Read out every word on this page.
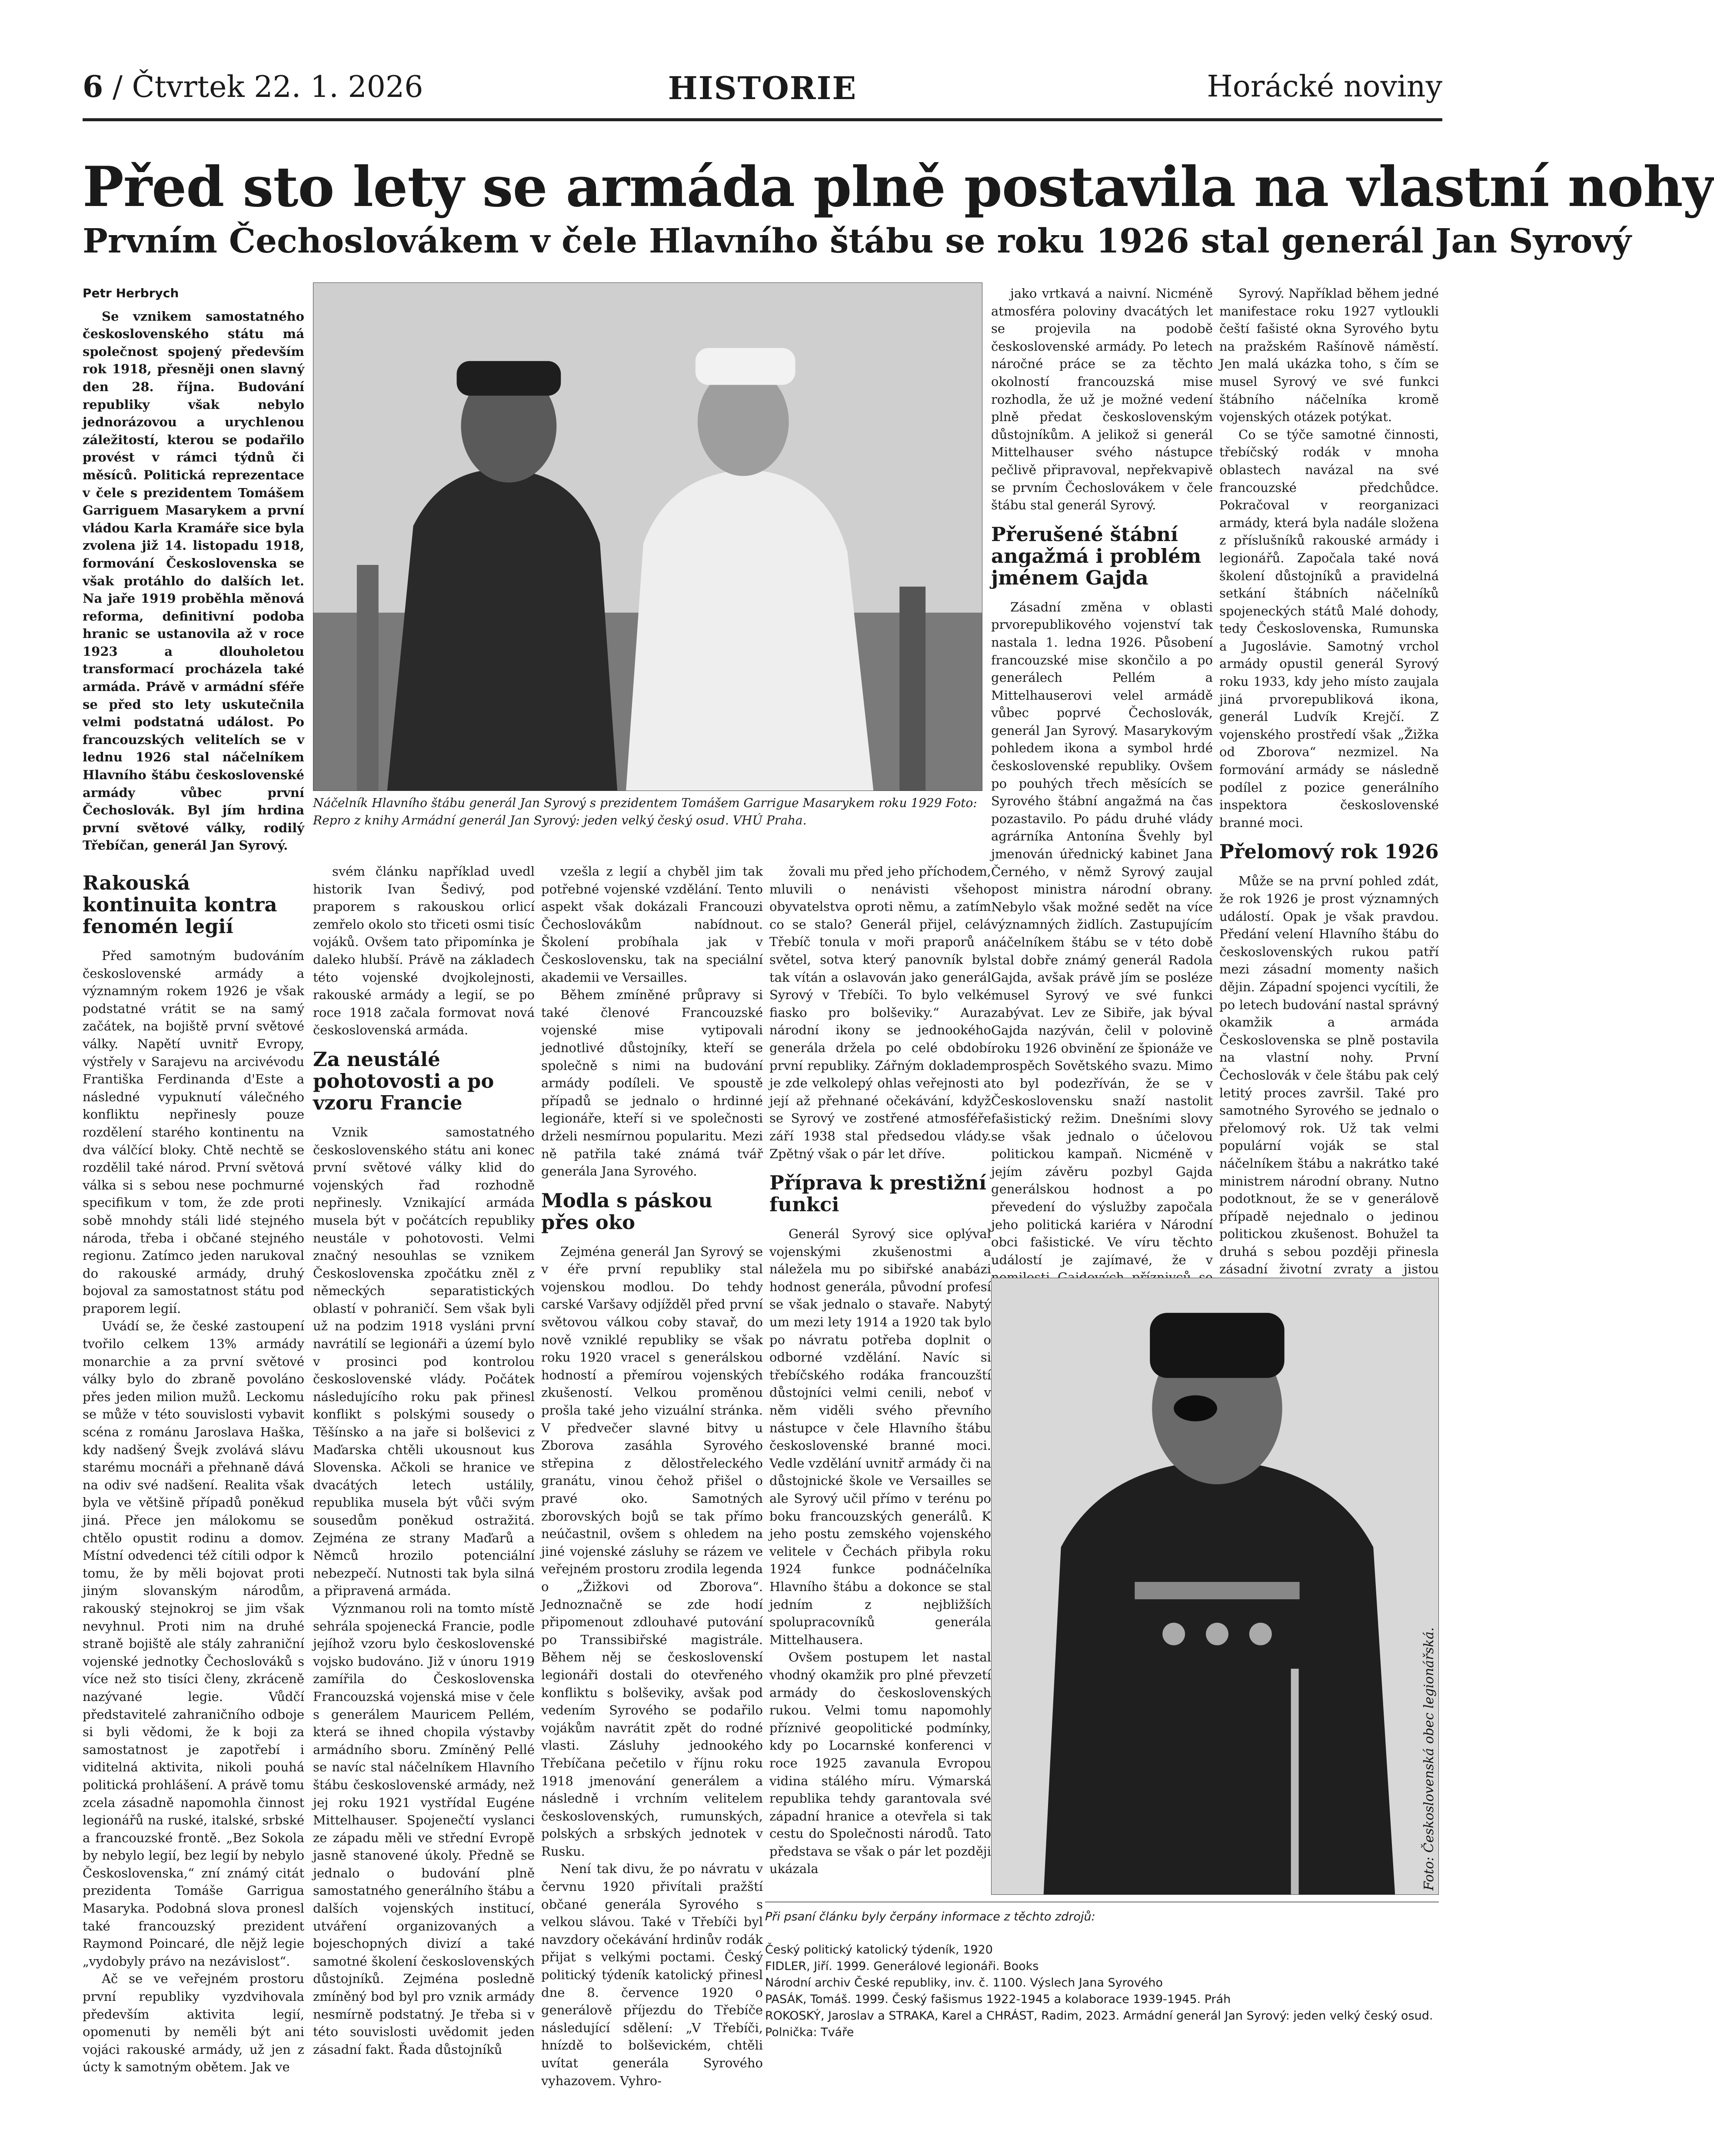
6 / Čtvrtek 22. 1. 2026	HISTORIE	Horácké noviny
Před sto lety se armáda plně postavila na vlastní nohy
Prvním Čechoslovákem v čele Hlavního štábu se roku 1926 stal generál Jan Syrový
Petr Herbrych

Se vznikem samostatného československého státu má společnost spojený především rok 1918, přesněji onen slavný den 28. října. Budování republiky však nebylo jednorázovou a urychlenou záležitostí, kterou se podařilo provést v rámci týdnů či měsíců. Politická reprezentace v čele s prezidentem Tomášem Garriguem Masarykem a první vládou Karla Kramáře sice byla zvolena již 14. listopadu 1918, formování Československa se však protáhlo do dalších let. Na jaře 1919 proběhla měnová reforma, definitivní podoba hranic se ustanovila až v roce 1923 a dlouholetou transformací procházela také armáda. Právě v armádní sféře se před sto lety uskutečnila velmi podstatná událost. Po francouzských velitelích se v lednu 1926 stal náčelníkem Hlavního štábu československé armády vůbec první Čechoslovák. Byl jím hrdina první světové války, rodilý Třebíčan, generál Jan Syrový.

Náčelník Hlavního štábu generál Jan Syrový s prezidentem Tomášem Garrigue Masarykem roku 1929 Foto: Repro z knihy Armádní generál Jan Syrový: jeden velký český osud. VHÚ Praha.
Rakouská kontinuita kontra fenomén legií

Před samotným budováním československé armády a významným rokem 1926 je však podstatné vrátit se na samý začátek, na bojiště první světové války. Napětí uvnitř Evropy, výstřely v Sarajevu na arcivévodu Františka Ferdinanda d'Este a následné vypuknutí válečného konfliktu nepřinesly pouze rozdělení starého kontinentu na dva válčící bloky. Chtě nechtě se rozdělil také národ. První světová válka si s sebou nese pochmurné specifikum v tom, že zde proti sobě mnohdy stáli lidé stejného národa, třeba i občané stejného regionu. Zatímco jeden narukoval do rakouské armády, druhý bojoval za samostatnost státu pod praporem legií.

Uvádí se, že české zastoupení tvořilo celkem 13% armády monarchie a za první světové války bylo do zbraně povoláno přes jeden milion mužů. Leckomu se může v této souvislosti vybavit scéna z románu Jaroslava Haška, kdy nadšený Švejk zvolává slávu starému mocnáři a přehnaně dává na odiv své nadšení. Realita však byla ve většině případů poněkud jiná. Přece jen málokomu se chtělo opustit rodinu a domov. Místní odvedenci též cítili odpor k tomu, že by měli bojovat proti jiným slovanským národům, rakouský stejnokroj se jim však nevyhnul. Proti nim na druhé straně bojiště ale stály zahraniční vojenské jednotky Čechoslováků s více než sto tisíci členy, zkráceně nazývané legie. Vůdčí představitelé zahraničního odboje si byli vědomi, že k boji za samostatnost je zapotřebí i viditelná aktivita, nikoli pouhá politická prohlášení. A právě tomu zcela zásadně napomohla činnost legionářů na ruské, italské, srbské a francouzské frontě. „Bez Sokola by nebylo legií, bez legií by nebylo Československa,“ zní známý citát prezidenta Tomáše Garrigua Masaryka. Podobná slova pronesl také francouzský prezident Raymond Poincaré, dle nějž legie „vydobyly právo na nezávislost“.

Ač se ve veřejném prostoru první republiky vyzdvihovala především aktivita legií, opomenuti by neměli být ani vojáci rakouské armády, už jen z úcty k samotným obětem. Jak ve

svém článku například uvedl historik Ivan Šedivý, pod praporem s rakouskou orlicí zemřelo okolo sto třiceti osmi tisíc vojáků. Ovšem tato připomínka je daleko hlubší. Právě na základech této vojenské dvojkolejnosti, rakouské armády a legií, se po roce 1918 začala formovat nová československá armáda.

Za neustálé pohotovosti a po vzoru Francie

Vznik samostatného československého státu ani konec první světové války klid do vojenských řad rozhodně nepřinesly. Vznikající armáda musela být v počátcích republiky neustále v pohotovosti. Velmi značný nesouhlas se vznikem Československa zpočátku zněl z německých separatistických oblastí v pohraničí. Sem však byli už na podzim 1918 vysláni první navrátilí se legionáři a území bylo v prosinci pod kontrolou československé vlády. Počátek následujícího roku pak přinesl konflikt s polskými sousedy o Těšínsko a na jaře si bolševici z Maďarska chtěli ukousnout kus Slovenska. Ačkoli se hranice ve dvacátých letech ustálily, republika musela být vůči svým sousedům poněkud ostražitá. Zejména ze strany Maďarů a Němců hrozilo potenciální nebezpečí. Nutnosti tak byla silná a připravená armáda.

Význmanou roli na tomto místě sehrála spojenecká Francie, podle jejíhož vzoru bylo československé vojsko budováno. Již v únoru 1919 zamířila do Československa Francouzská vojenská mise v čele s generálem Mauricem Pellém, která se ihned chopila výstavby armádního sboru. Zmíněný Pellé se navíc stal náčelníkem Hlavního štábu československé armády, než jej roku 1921 vystřídal Eugéne Mittelhauser. Spojenečtí vyslanci ze západu měli ve střední Evropě jasně stanovené úkoly. Předně se jednalo o budování plně samostatného generálního štábu a dalších vojenských institucí, utváření organizovaných a bojeschopných divizí a také samotné školení československých důstojníků. Zejména posledně zmíněný bod byl pro vznik armády nesmírně podstatný. Je třeba si v této souvislosti uvědomit jeden zásadní fakt. Řada důstojníků

vzešla z legií a chyběl jim tak potřebné vojenské vzdělání. Tento aspekt však dokázali Francouzi Čechoslovákům nabídnout. Školení probíhala jak v Československu, tak na speciální akademii ve Versailles.

Během zmíněné průpravy si také členové Francouzské vojenské mise vytipovali jednotlivé důstojníky, kteří se společně s nimi na budování armády podíleli. Ve spoustě případů se jednalo o hrdinné legionáře, kteří si ve společnosti drželi nesmírnou popularitu. Mezi ně patřila také známá tvář generála Jana Syrového.

Modla s páskou přes oko

Zejména generál Jan Syrový se v éře první republiky stal vojenskou modlou. Do tehdy carské Varšavy odjížděl před první světovou válkou coby stavař, do nově vzniklé republiky se však roku 1920 vracel s generálskou hodností a přemírou vojenských zkušeností. Velkou proměnou prošla také jeho vizuální stránka. V předvečer slavné bitvy u Zborova zasáhla Syrového střepina z dělostřeleckého granátu, vinou čehož přišel o pravé oko. Samotných zborovských bojů se tak přímo neúčastnil, ovšem s ohledem na jiné vojenské zásluhy se rázem ve veřejném prostoru zrodila legenda o „Žižkovi od Zborova“. Jednoznačně se zde hodí připomenout zdlouhavé putování po Transsibiřské magistrále. Během něj se československí legionáři dostali do otevřeného konfliktu s bolševiky, avšak pod vedením Syrového se podařilo vojákům navrátit zpět do rodné vlasti. Zásluhy jednookého Třebíčana pečetilo v říjnu roku 1918 jmenování generálem a následně i vrchním velitelem československých, rumunských, polských a srbských jednotek v Rusku.

Není tak divu, že po návratu v červnu 1920 přivítali pražští občané generála Syrového s velkou slávou. Také v Třebíči byl navzdory očekávání hrdinův rodák přijat s velkými poctami. Český politický týdeník katolický přinesl dne 8. července 1920 o generálově příjezdu do Třebíče následující sdělení: „V Třebíči, hnízdě to bolševickém, chtěli uvítat generála Syrového vyhazovem. Vyhro-

jako vrtkavá a naivní. Nicméně atmosféra poloviny dvacátých let se projevila na podobě československé armády. Po letech náročné práce se za těchto okolností francouzská mise rozhodla, že už je možné vedení plně předat československým důstojníkům. A jelikož si generál Mittelhauser svého nástupce pečlivě připravoval, nepřekvapivě se prvním Čechoslovákem v čele štábu stal generál Syrový.

Přerušené štábní angažmá i problém jménem Gajda

Zásadní změna v oblasti prvorepublikového vojenství tak nastala 1. ledna 1926. Působení francouzské mise skončilo a po generálech Pellém a Mittelhauserovi velel armádě vůbec poprvé Čechoslovák, generál Jan Syrový. Masarykovým pohledem ikona a symbol hrdé československé republiky. Ovšem po pouhých třech měsících se Syrového štábní angažmá na čas pozastavilo. Po pádu druhé vlády agrárníka Antonína Švehly byl jmenován úřednický kabinet Jana Černého, v němž Syrový zaujal post ministra národní obrany. Nebylo však možné sedět na více významných židlích. Zastupujícím náčelníkem štábu se v této době stal dobře známý generál Radola Gajda, avšak právě jím se posléze musel Syrový ve své funkci zabývat. Lev ze Sibiře, jak býval Gajda nazýván, čelil v polovině roku 1926 obvinění ze špionáže ve prospěch Sovětského svazu. Mimo to byl podezříván, že se v Československu snaží nastolit fašistický režim. Dnešními slovy se však jednalo o účelovou politickou kampaň. Nicméně v jejím závěru pozbyl Gajda generálskou hodnost a po převedení do výslužby započala jeho politická kariéra v Národní obci fašistické. Ve víru těchto událostí je zajímavé, že v

žovali mu před jeho příchodem, mluvili o nenávisti všeho obyvatelstva oproti němu, a zatím co se stalo? Generál přijel, celá Třebíč tonula v moři praporů a světel, sotva který panovník byl tak vítán a oslavován jako generál Syrový v Třebíči. To bylo velké fiasko pro bolševiky.“ Aura národní ikony se jednookého generála držela po celé období první republiky. Zářným dokladem je zde velkolepý ohlas veřejnosti a její až přehnané očekávání, když se Syrový ve zostřené atmosféře září 1938 stal předsedou vlády. Zpětný však o pár let dříve.

Příprava k prestižní funkci

Generál Syrový sice oplýval vojenskými zkušenostmi a náležela mu po sibiřské anabázi hodnost generála, původní profesí se však jednalo o stavaře. Nabytý um mezi lety 1914 a 1920 tak bylo po návratu potřeba doplnit o odborné vzdělání. Navíc si třebíčského rodáka francouzští důstojníci velmi cenili, neboť v něm viděli svého převního nástupce v čele Hlavního štábu československé branné moci. Vedle vzdělání uvnitř armády či na důstojnické škole ve Versailles se ale Syrový učil přímo v terénu po boku francouzských generálů. K jeho postu zemského vojenského velitele v Čechách přibyla roku 1924 funkce podnáčelníka Hlavního štábu a dokonce se stal jedním z nejbližších spolupracovníků generála Mittelhausera.

Ovšem postupem let nastal vhodný okamžik pro plné převzetí armády do československých rukou. Velmi tomu napomohly příznivé geopolitické podmínky, kdy po Locarnské konferenci v roce 1925 zavanula Evropou vidina stálého míru. Výmarská republika tehdy garantovala své západní hranice a otevřela si tak cestu do Společnosti národů. Tato představa se však o pár let později ukázala

Syrový. Například během jedné manifestace roku 1927 vytloukli čeští fašisté okna Syrového bytu na pražském Rašínově náměstí. Jen malá ukázka toho, s čím se musel Syrový ve své funkci štábního náčelníka kromě vojenských otázek potýkat.

Co se týče samotné činnosti, třebíčský rodák v mnoha oblastech navázal na své francouzské předchůdce. Pokračoval v reorganizaci armády, která byla nadále složena z příslušníků rakouské armády i legionářů. Započala také nová školení důstojníků a pravidelná setkání štábních náčelníků spojeneckých států Malé dohody, tedy Československa, Rumunska a Jugoslávie. Samotný vrchol armády opustil generál Syrový roku 1933, kdy jeho místo zaujala jiná prvorepubliková ikona, generál Ludvík Krejčí. Z vojenského prostředí však „Žižka od Zborova“ nezmizel. Na formování armády se následně podílel z pozice generálního inspektora československé branné moci.

Přelomový rok 1926

Může se na první pohled zdát, že rok 1926 je prost významných událostí. Opak je však pravdou. Předání velení Hlavního štábu do československých rukou patří mezi zásadní momenty našich dějin. Západní spojenci vycítili, že po letech budování nastal správný okamžik a armáda Československa se plně postavila na vlastní nohy. První Čechoslovák v čele štábu pak celý letitý proces završil. Také pro samotného Syrového se jednalo o přelomový rok. Už tak velmi populární voják se stal náčelníkem štábu a nakrátko také ministrem národní obrany. Nutno podotknout, že se v generálově případě nejednalo o jedinou politickou zkušenost. Bohužel ta druhá s sebou později přinesla zásadní životní zvraty a jistou

Foto: Československá obec legionářská.
Při psaní článku byly čerpány informace z těchto zdrojů:
Český politický katolický týdeník, 1920
FIDLER, Jiří. 1999. Generálové legionáři. Books
Národní archiv České republiky, inv. č. 1100. Výslech Jana Syrového
PASÁK, Tomáš. 1999. Český fašismus 1922-1945 a kolaborace 1939-1945. Práh
ROKOSKÝ, Jaroslav a STRAKA, Karel a CHRÁST, Radim, 2023. Armádní generál Jan Syrový: jeden velký český osud. Polnička: Tváře
